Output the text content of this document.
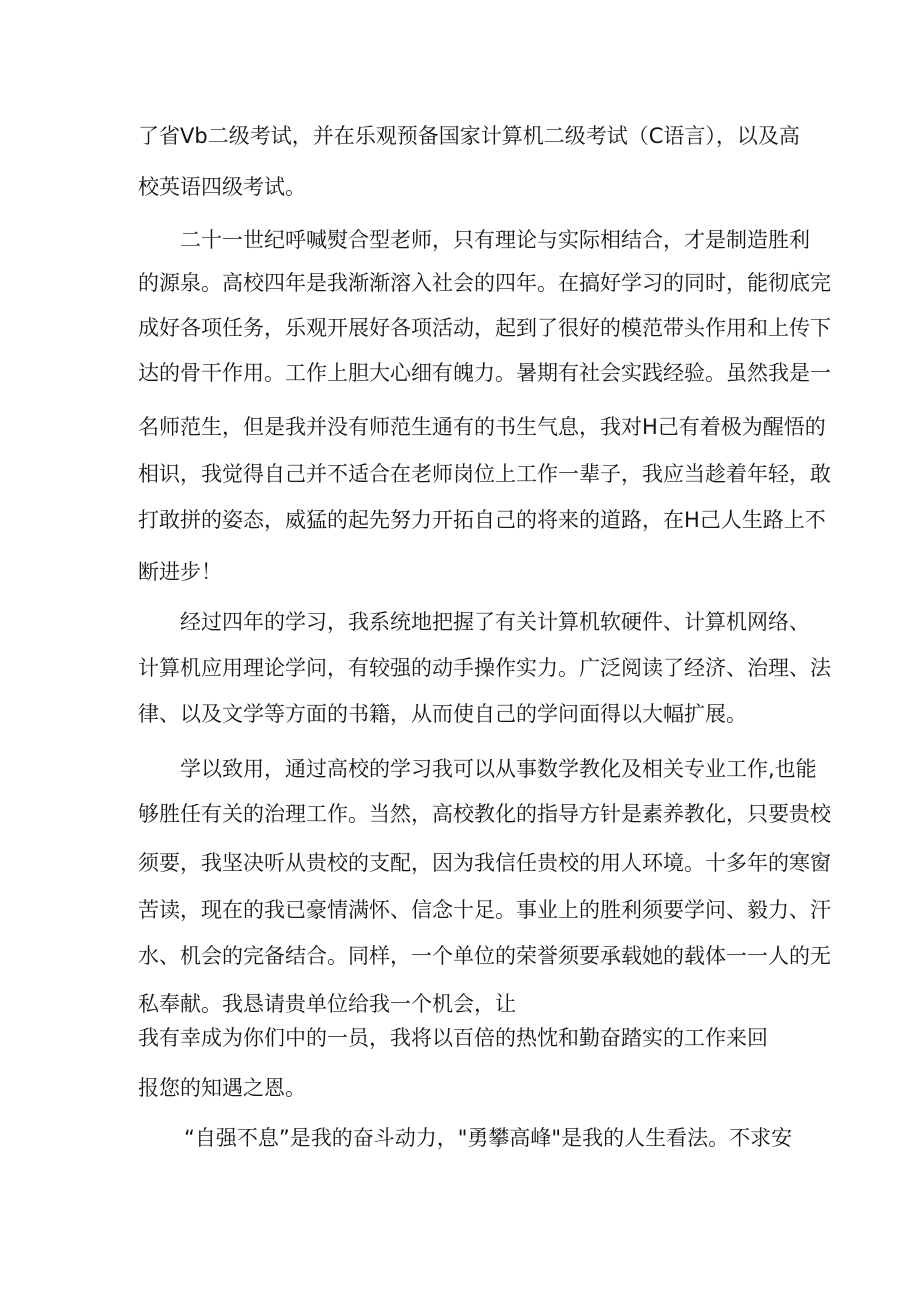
了省Vb二级考试，并在乐观预备国家计算机二级考试（C语言），以及高
校英语四级考试。
二十一世纪呼喊熨合型老师，只有理论与实际相结合，才是制造胜利
的源泉。高校四年是我渐渐溶入社会的四年。在搞好学习的同时，能彻底完
成好各项任务，乐观开展好各项活动，起到了很好的模范带头作用和上传下
达的骨干作用。工作上胆大心细有魄力。暑期有社会实践经验。虽然我是一
名师范生，但是我并没有师范生通有的书生气息，我对H己有着极为醒悟的
相识，我觉得自己并不适合在老师岗位上工作一辈子，我应当趁着年轻，敢
打敢拼的姿态，威猛的起先努力开拓自己的将来的道路，在H己人生路上不
断进步！
经过四年的学习，我系统地把握了有关计算机软硬件、计算机网络、
计算机应用理论学问，有较强的动手操作实力。广泛阅读了经济、治理、法
律、以及文学等方面的书籍，从而使自己的学问面得以大幅扩展。
学以致用，通过高校的学习我可以从事数学教化及相关专业工作,也能
够胜任有关的治理工作。当然，高校教化的指导方针是素养教化，只要贵校
须要，我坚决听从贵校的支配，因为我信任贵校的用人环境。十多年的寒窗
苦读，现在的我已豪情满怀、信念十足。事业上的胜利须要学问、毅力、汗
水、机会的完备结合。同样，一个单位的荣誉须要承载她的载体一一人的无
私奉献。我恳请贵单位给我一个机会，让
我有幸成为你们中的一员，我将以百倍的热忱和勤奋踏实的工作来回
报您的知遇之恩。
“自强不息”是我的奋斗动力，"勇攀高峰"是我的人生看法。不求安
